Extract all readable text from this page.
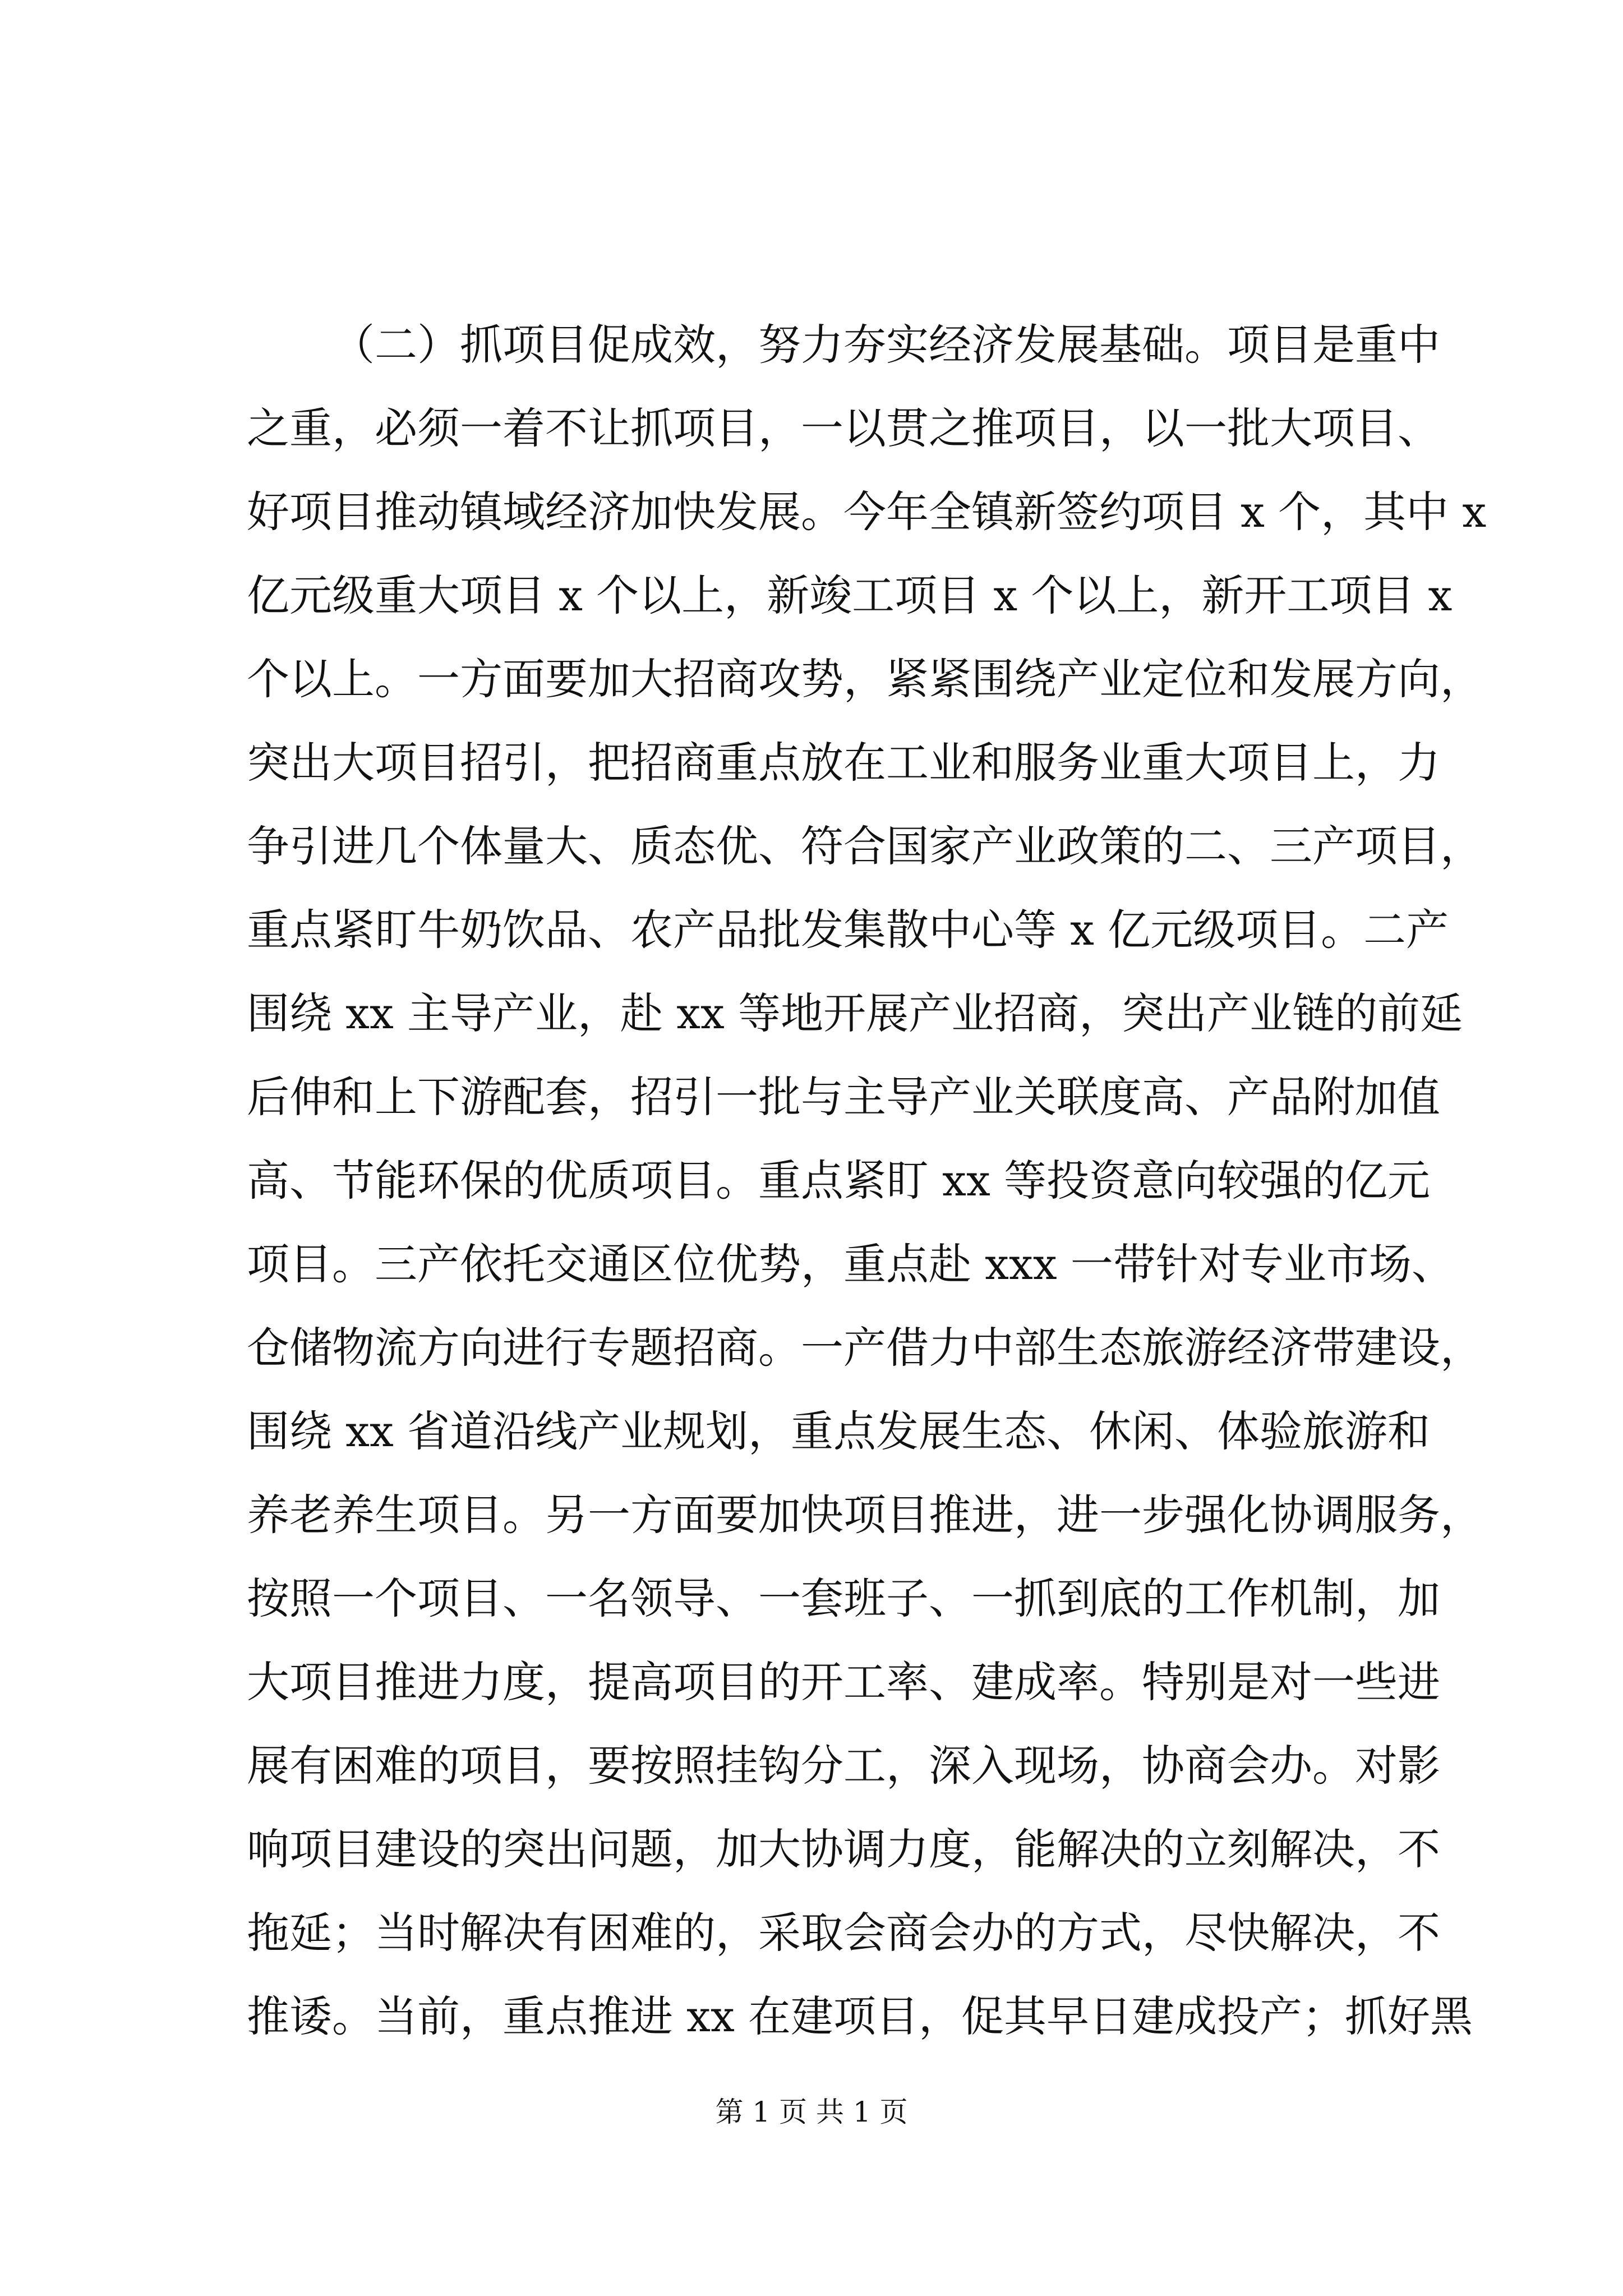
（二）抓项目促成效，努力夯实经济发展基础。项目是重中
之重，必须一着不让抓项目，一以贯之推项目，以一批大项目、
好项目推动镇域经济加快发展。今年全镇新签约项目 x 个，其中 x
亿元级重大项目 x 个以上，新竣工项目 x 个以上，新开工项目 x
个以上。一方面要加大招商攻势，紧紧围绕产业定位和发展方向，
突出大项目招引，把招商重点放在工业和服务业重大项目上，力
争引进几个体量大、质态优、符合国家产业政策的二、三产项目，
重点紧盯牛奶饮品、农产品批发集散中心等 x 亿元级项目。二产
围绕 xx 主导产业，赴 xx 等地开展产业招商，突出产业链的前延
后伸和上下游配套，招引一批与主导产业关联度高、产品附加值
高、节能环保的优质项目。重点紧盯 xx 等投资意向较强的亿元
项目。三产依托交通区位优势，重点赴 xxx 一带针对专业市场、
仓储物流方向进行专题招商。一产借力中部生态旅游经济带建设，
围绕 xx 省道沿线产业规划，重点发展生态、休闲、体验旅游和
养老养生项目。另一方面要加快项目推进，进一步强化协调服务，
按照一个项目、一名领导、一套班子、一抓到底的工作机制，加
大项目推进力度，提高项目的开工率、建成率。特别是对一些进
展有困难的项目，要按照挂钩分工，深入现场，协商会办。对影
响项目建设的突出问题，加大协调力度，能解决的立刻解决，不
拖延；当时解决有困难的，采取会商会办的方式，尽快解决，不
推诿。当前，重点推进 xx 在建项目，促其早日建成投产；抓好黑
第 1 页 共 1 页
